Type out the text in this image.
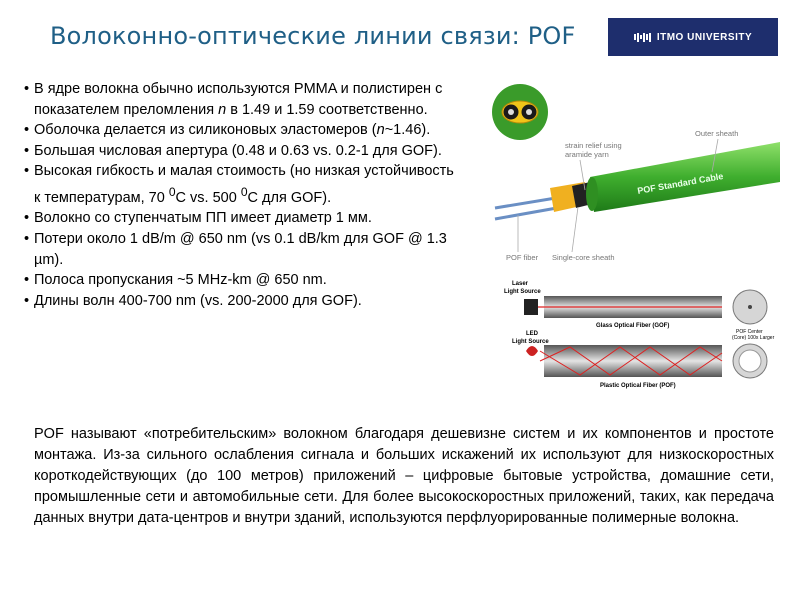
Волоконно-оптические линии связи: POF	ITMO UNIVERSITY
• В ядре волокна обычно используются PMMA и полистирен с показателем преломления n в 1.49 и 1.59 соответственно.
• Оболочка делается из силиконовых эластомеров (n~1.46).
• Большая числовая апертура (0.48 и 0.63 vs. 0.2-1 для GOF).
• Высокая гибкость и малая стоимость (но низкая устойчивость к температурам, 70 $^0$C vs. 500 $^0$C для GOF).
• Волокно со ступенчатым ПП имеет диаметр 1 мм.
• Потери около 1 dB/m @ 650 nm (vs 0.1 dB/km для GOF @ 1.3 µm).
• Полоса пропускания ~5 MHz-km @ 650 nm.
• Длины волн 400-700 nm (vs. 200-2000 для GOF).
POF Standard Cable
Outer sheath
strain relief using
aramide yarn
POF fiber Single-core sheath
Laser
Light Source
LED
Light Source
Glass Optical Fiber (GOF)
Plastic Optical Fiber (POF)
POF Center
(Core) 100x Larger
POF называют «потребительским» волокном благодаря дешевизне систем и их компонентов и простоте монтажа. Из-за сильного ослабления сигнала и больших искажений их используют для низкоскоростных короткодействующих (до 100 метров) приложений – цифровые бытовые устройства, домашние сети, промышленные сети и автомобильные сети. Для более высокоскоростных приложений, таких, как передача данных внутри дата-центров и внутри зданий, используются перфлуорированные полимерные волокна.
